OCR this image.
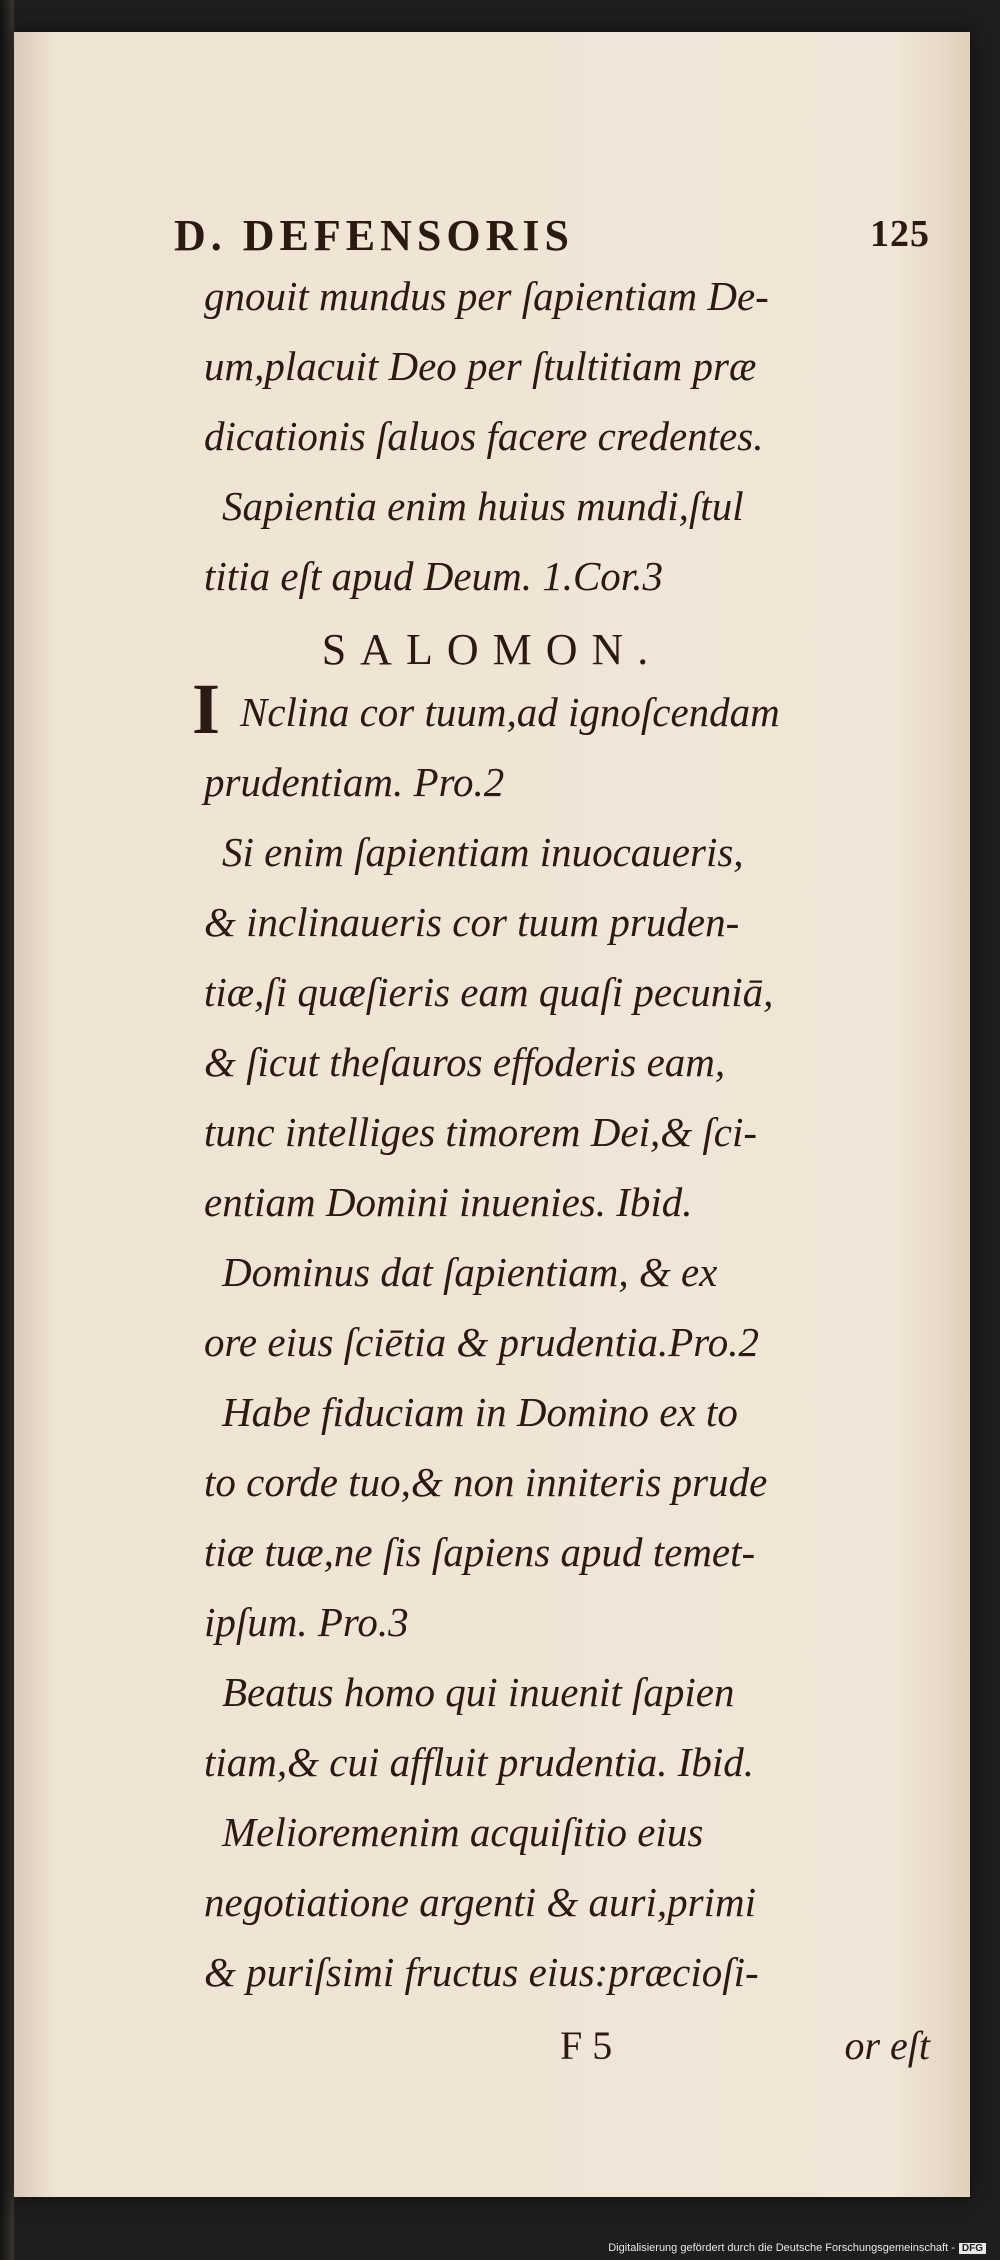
D. DEFENSORIS	125
gnouit mundus per ſapientiam De-
um,placuit Deo per ſtultitiam præ
dicationis ſaluos facere credentes.
Sapientia enim huius mundi,ſtul
titia eſt apud Deum. 1.Cor.3
SALOMON.
I Nclina cor tuum,ad ignoſcendam
prudentiam. Pro.2
Si enim ſapientiam inuocaueris,
& inclinaueris cor tuum pruden-
tiæ,ſi quæſieris eam quaſi pecuniā,
& ſicut theſauros effoderis eam,
tunc intelliges timorem Dei,& ſci-
entiam Domini inuenies. Ibid.
Dominus dat ſapientiam, & ex
ore eius ſciētia & prudentia.Pro.2
Habe fiduciam in Domino ex to
to corde tuo,& non inniteris prude
tiæ tuæ,ne ſis ſapiens apud temet-
ipſum. Pro.3
Beatus homo qui inuenit ſapien
tiam,& cui affluit prudentia. Ibid.
Melioremenim acquiſitio eius
negotiatione argenti & auri,primi
& puriſsimi fructus eius:præcioſi-
F 5	or eſt
Digitalisierung gefördert durch die Deutsche Forschungsgemeinschaft - DFG
